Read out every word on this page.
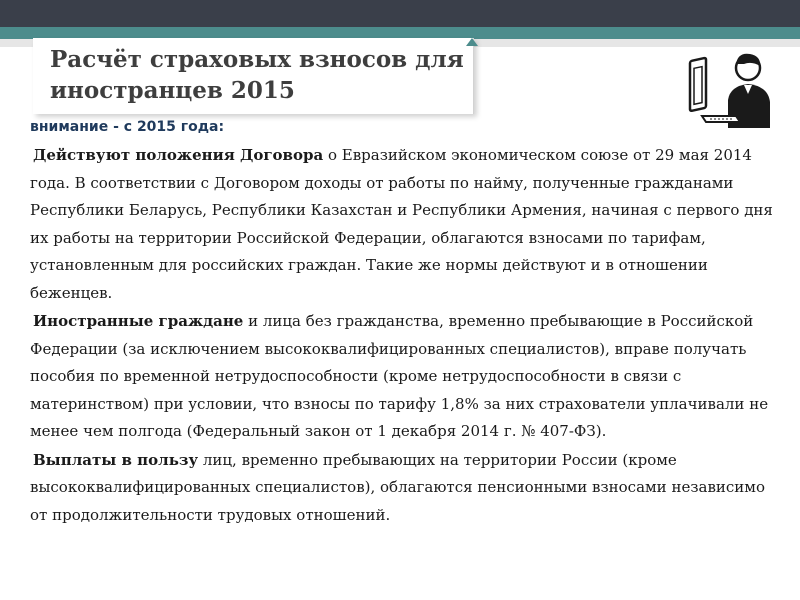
Расчёт страховых взносов для иностранцев 2015
внимание - с 2015 года:

Действуют положения Договора о Евразийском экономическом союзе от 29 мая 2014 года. В соответствии с Договором доходы от работы по найму, полученные гражданами Республики Беларусь, Республики Казахстан и Республики Армения, начиная с первого дня их работы на территории Российской Федерации, облагаются взносами по тарифам, установленным для российских граждан. Такие же нормы действуют и в отношении беженцев.

Иностранные граждане и лица без гражданства, временно пребывающие в Российской Федерации (за исключением высококвалифицированных специалистов), вправе получать пособия по временной нетрудоспособности (кроме нетрудоспособности в связи с материнством) при условии, что взносы по тарифу 1,8% за них страхователи уплачивали не менее чем полгода (Федеральный закон от 1 декабря 2014 г. № 407-ФЗ).

Выплаты в пользу лиц, временно пребывающих на территории России (кроме высококвалифицированных специалистов), облагаются пенсионными взносами независимо от продолжительности трудовых отношений.
